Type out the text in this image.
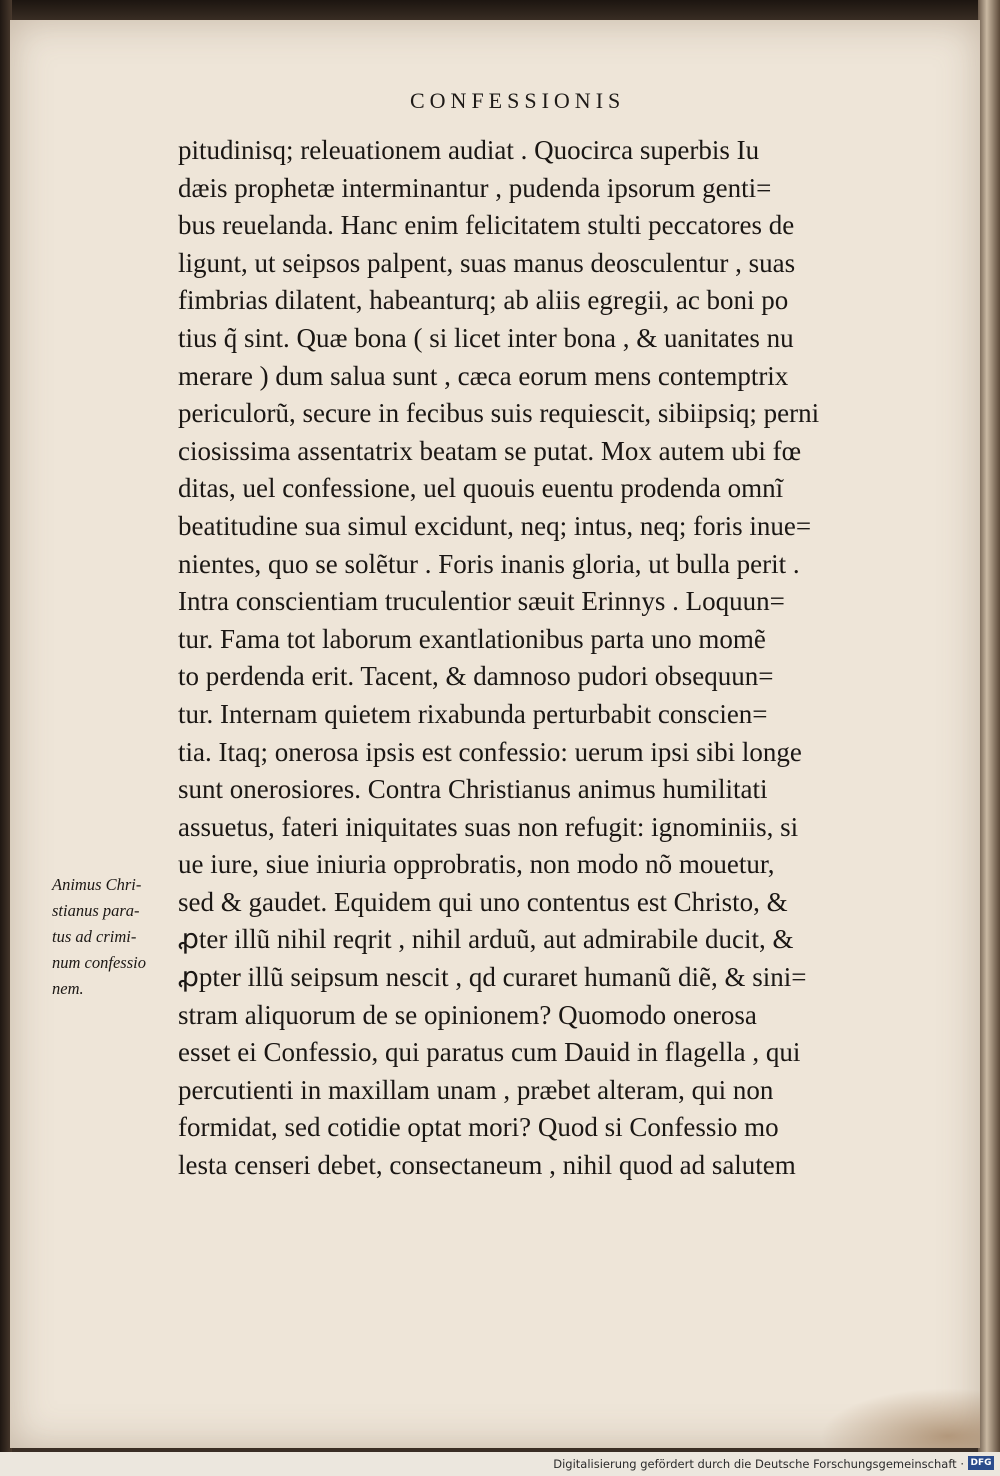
CONFESSIONIS
pitudinisq; releuationem audiat . Quocirca superbis Iu
dæis prophetæ interminantur , pudenda ipsorum genti=
bus reuelanda. Hanc enim felicitatem stulti peccatores de
ligunt, ut seipsos palpent, suas manus deosculentur , suas
fimbrias dilatent, habeanturq; ab aliis egregii, ac boni po
tius q̃ sint. Quæ bona ( si licet inter bona , & uanitates nu
merare ) dum salua sunt , cæca eorum mens contemptrix
periculorũ, secure in fecibus suis requiescit, sibiipsiq; perni
ciosissima assentatrix beatam se putat. Mox autem ubi fœ
ditas, uel confessione, uel quouis euentu prodenda omnĩ
beatitudine sua simul excidunt, neq; intus, neq; foris inue=
nientes, quo se solẽtur . Foris inanis gloria, ut bulla perit .
Intra conscientiam truculentior sæuit Erinnys . Loquun=
tur. Fama tot laborum exantlationibus parta uno momẽ
to perdenda erit. Tacent, & damnoso pudori obsequun=
tur. Internam quietem rixabunda perturbabit conscien=
tia. Itaq; onerosa ipsis est confessio: uerum ipsi sibi longe
sunt onerosiores. Contra Christianus animus humilitati
assuetus, fateri iniquitates suas non refugit: ignominiis, si
ue iure, siue iniuria opprobratis, non modo nõ mouetur,
sed & gaudet. Equidem qui uno contentus est Christo, &
ꝓter illũ nihil reqrit , nihil arduũ, aut admirabile ducit, &
ꝓpter illũ seipsum nescit , qd curaret humanũ diẽ, & sini=
stram aliquorum de se opinionem? Quomodo onerosa
esset ei Confessio, qui paratus cum Dauid in flagella , qui
percutienti in maxillam unam , præbet alteram, qui non
formidat, sed cotidie optat mori? Quod si Confessio mo
lesta censeri debet, consectaneum , nihil quod ad salutem
Animus Chri-
stianus para-
tus ad crimi-
num confessio
nem.
Digitalisierung gefördert durch die Deutsche Forschungsgemeinschaft · DFG
